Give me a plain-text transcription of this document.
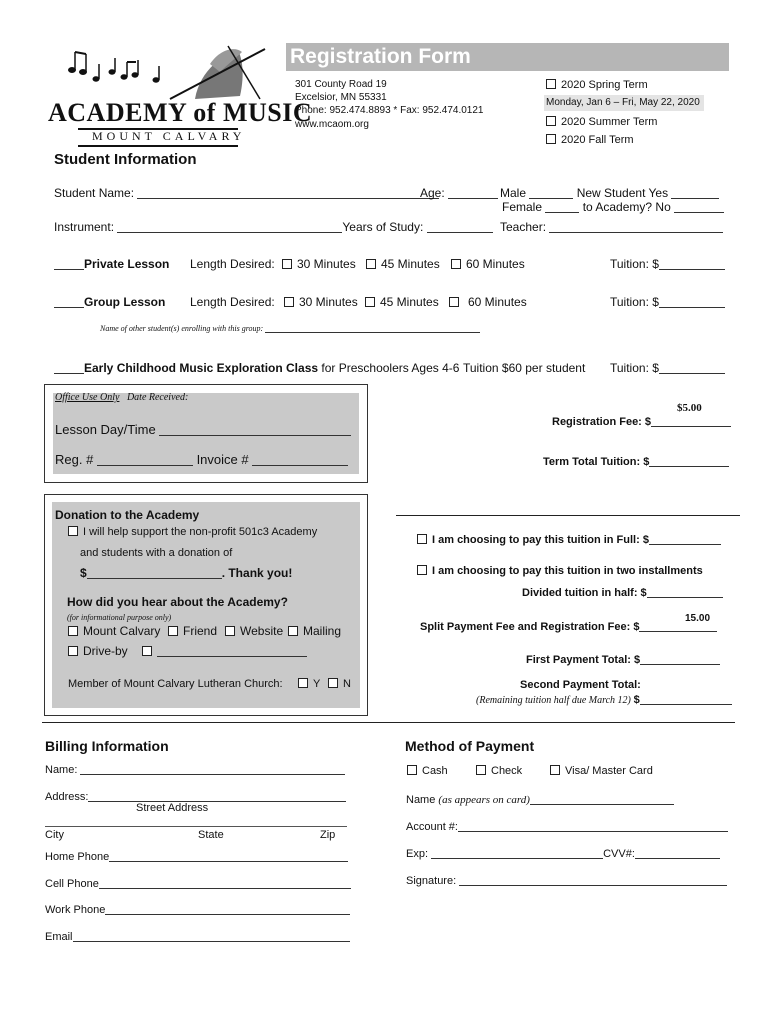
ACADEMY of MUSIC
MOUNT CALVARY
Registration Form
301 County Road 19
Excelsior, MN 55331
Phone: 952.474.8893 * Fax: 952.474.0121
www.mcaom.org
2020 Spring Term
Monday, Jan 6 – Fri, May 22, 2020
2020 Summer Term
2020 Fall Term
Student Information
Student Name:	Age:	Male	New Student Yes
Female	to Academy? No
Instrument:	Years of Study:	Teacher:
Private Lesson Length Desired:	30 Minutes	45 Minutes	60 Minutes	Tuition: $
Group Lesson Length Desired:	30 Minutes	45 Minutes	60 Minutes	Tuition: $
Name of other student(s) enrolling with this group:
Early Childhood Music Exploration Class for Preschoolers Ages 4-6 Tuition $60 per student Tuition: $
Office Use Only Date Received:
Lesson Day/Time
Reg. #	Invoice #
$5.00
Registration Fee: $
Term Total Tuition: $
Donation to the Academy
I will help support the non-profit 501c3 Academy
and students with a donation of
$	. Thank you!
How did you hear about the Academy?
(for informational purpose only)
Mount Calvary	Friend	Website	Mailing
Drive-by
Member of Mount Calvary Lutheran Church:	Y	N
I am choosing to pay this tuition in Full: $
I am choosing to pay this tuition in two installments
Divided tuition in half: $
15.00
Split Payment Fee and Registration Fee: $
First Payment Total: $
Second Payment Total:
(Remaining tuition half due March 12) $
Billing Information
Name:
Address:
Street Address
City	State	Zip
Home Phone
Cell Phone
Work Phone
Email
Method of Payment
Cash	Check	Visa/ Master Card
Name (as appears on card)
Account #:
Exp:	CVV#:
Signature:
